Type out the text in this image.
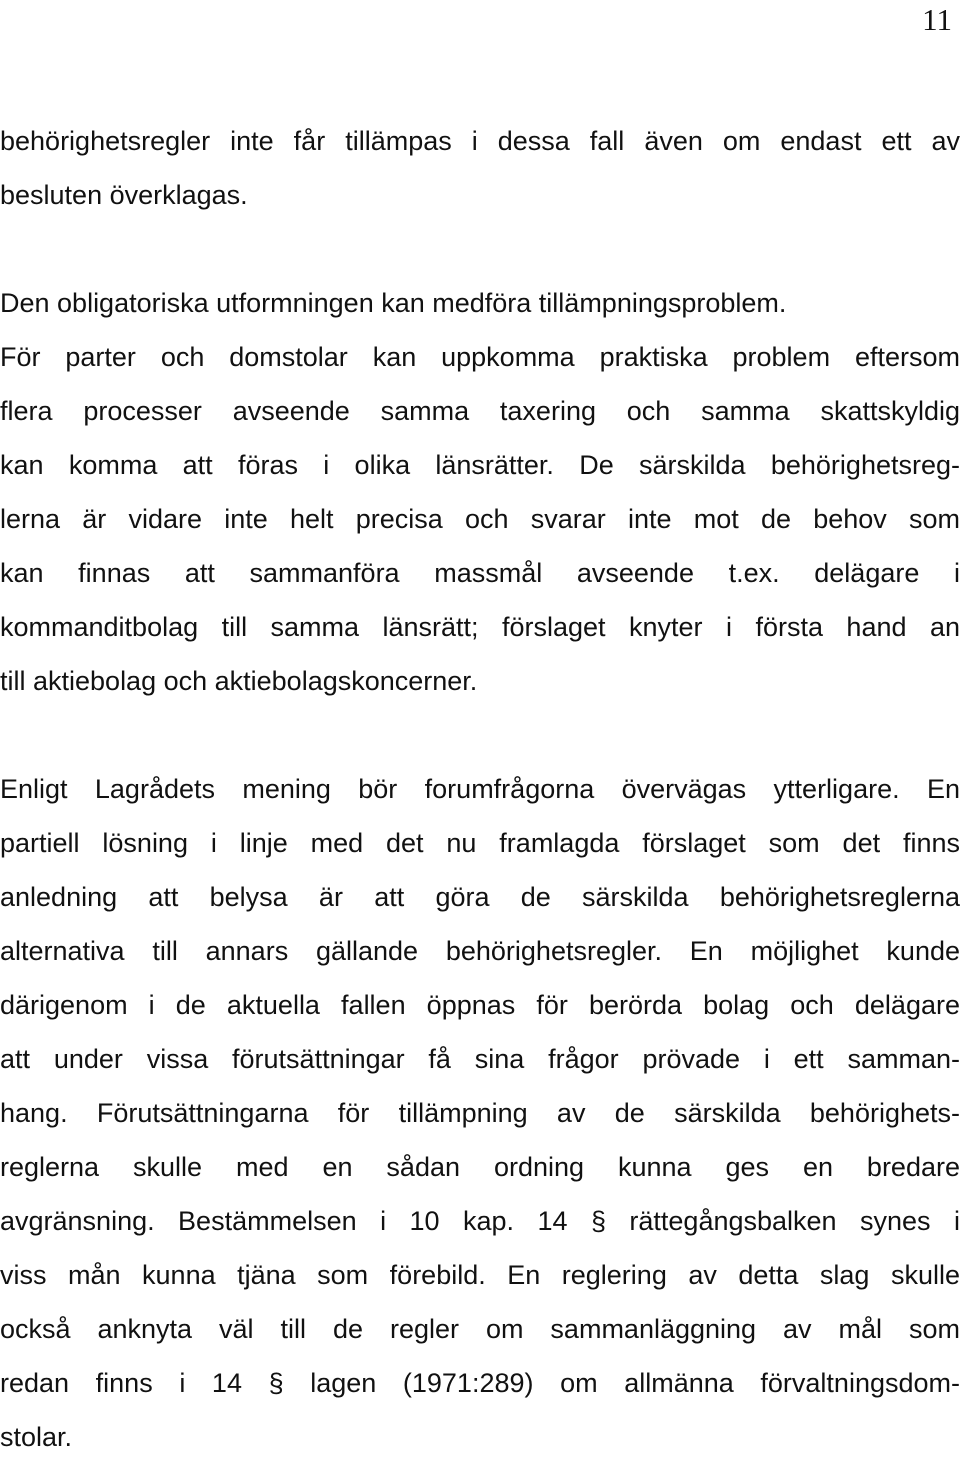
11
behörighetsregler inte får tillämpas i dessa fall även om endast ett av
besluten överklagas.
Den obligatoriska utformningen kan medföra tillämpningsproblem.
För parter och domstolar kan uppkomma praktiska problem eftersom
flera processer avseende samma taxering och samma skattskyldig
kan komma att föras i olika länsrätter. De särskilda behörighetsreg-
lerna är vidare inte helt precisa och svarar inte mot de behov som
kan finnas att sammanföra massmål avseende t.ex. delägare i
kommanditbolag till samma länsrätt; förslaget knyter i första hand an
till aktiebolag och aktiebolagskoncerner.
Enligt Lagrådets mening bör forumfrågorna övervägas ytterligare. En
partiell lösning i linje med det nu framlagda förslaget som det finns
anledning att belysa är att göra de särskilda behörighetsreglerna
alternativa till annars gällande behörighetsregler. En möjlighet kunde
därigenom i de aktuella fallen öppnas för berörda bolag och delägare
att under vissa förutsättningar få sina frågor prövade i ett samman-
hang. Förutsättningarna för tillämpning av de särskilda behörighets-
reglerna skulle med en sådan ordning kunna ges en bredare
avgränsning. Bestämmelsen i 10 kap. 14 § rättegångsbalken synes i
viss mån kunna tjäna som förebild. En reglering av detta slag skulle
också anknyta väl till de regler om sammanläggning av mål som
redan finns i 14 § lagen (1971:289) om allmänna förvaltningsdom-
stolar.
